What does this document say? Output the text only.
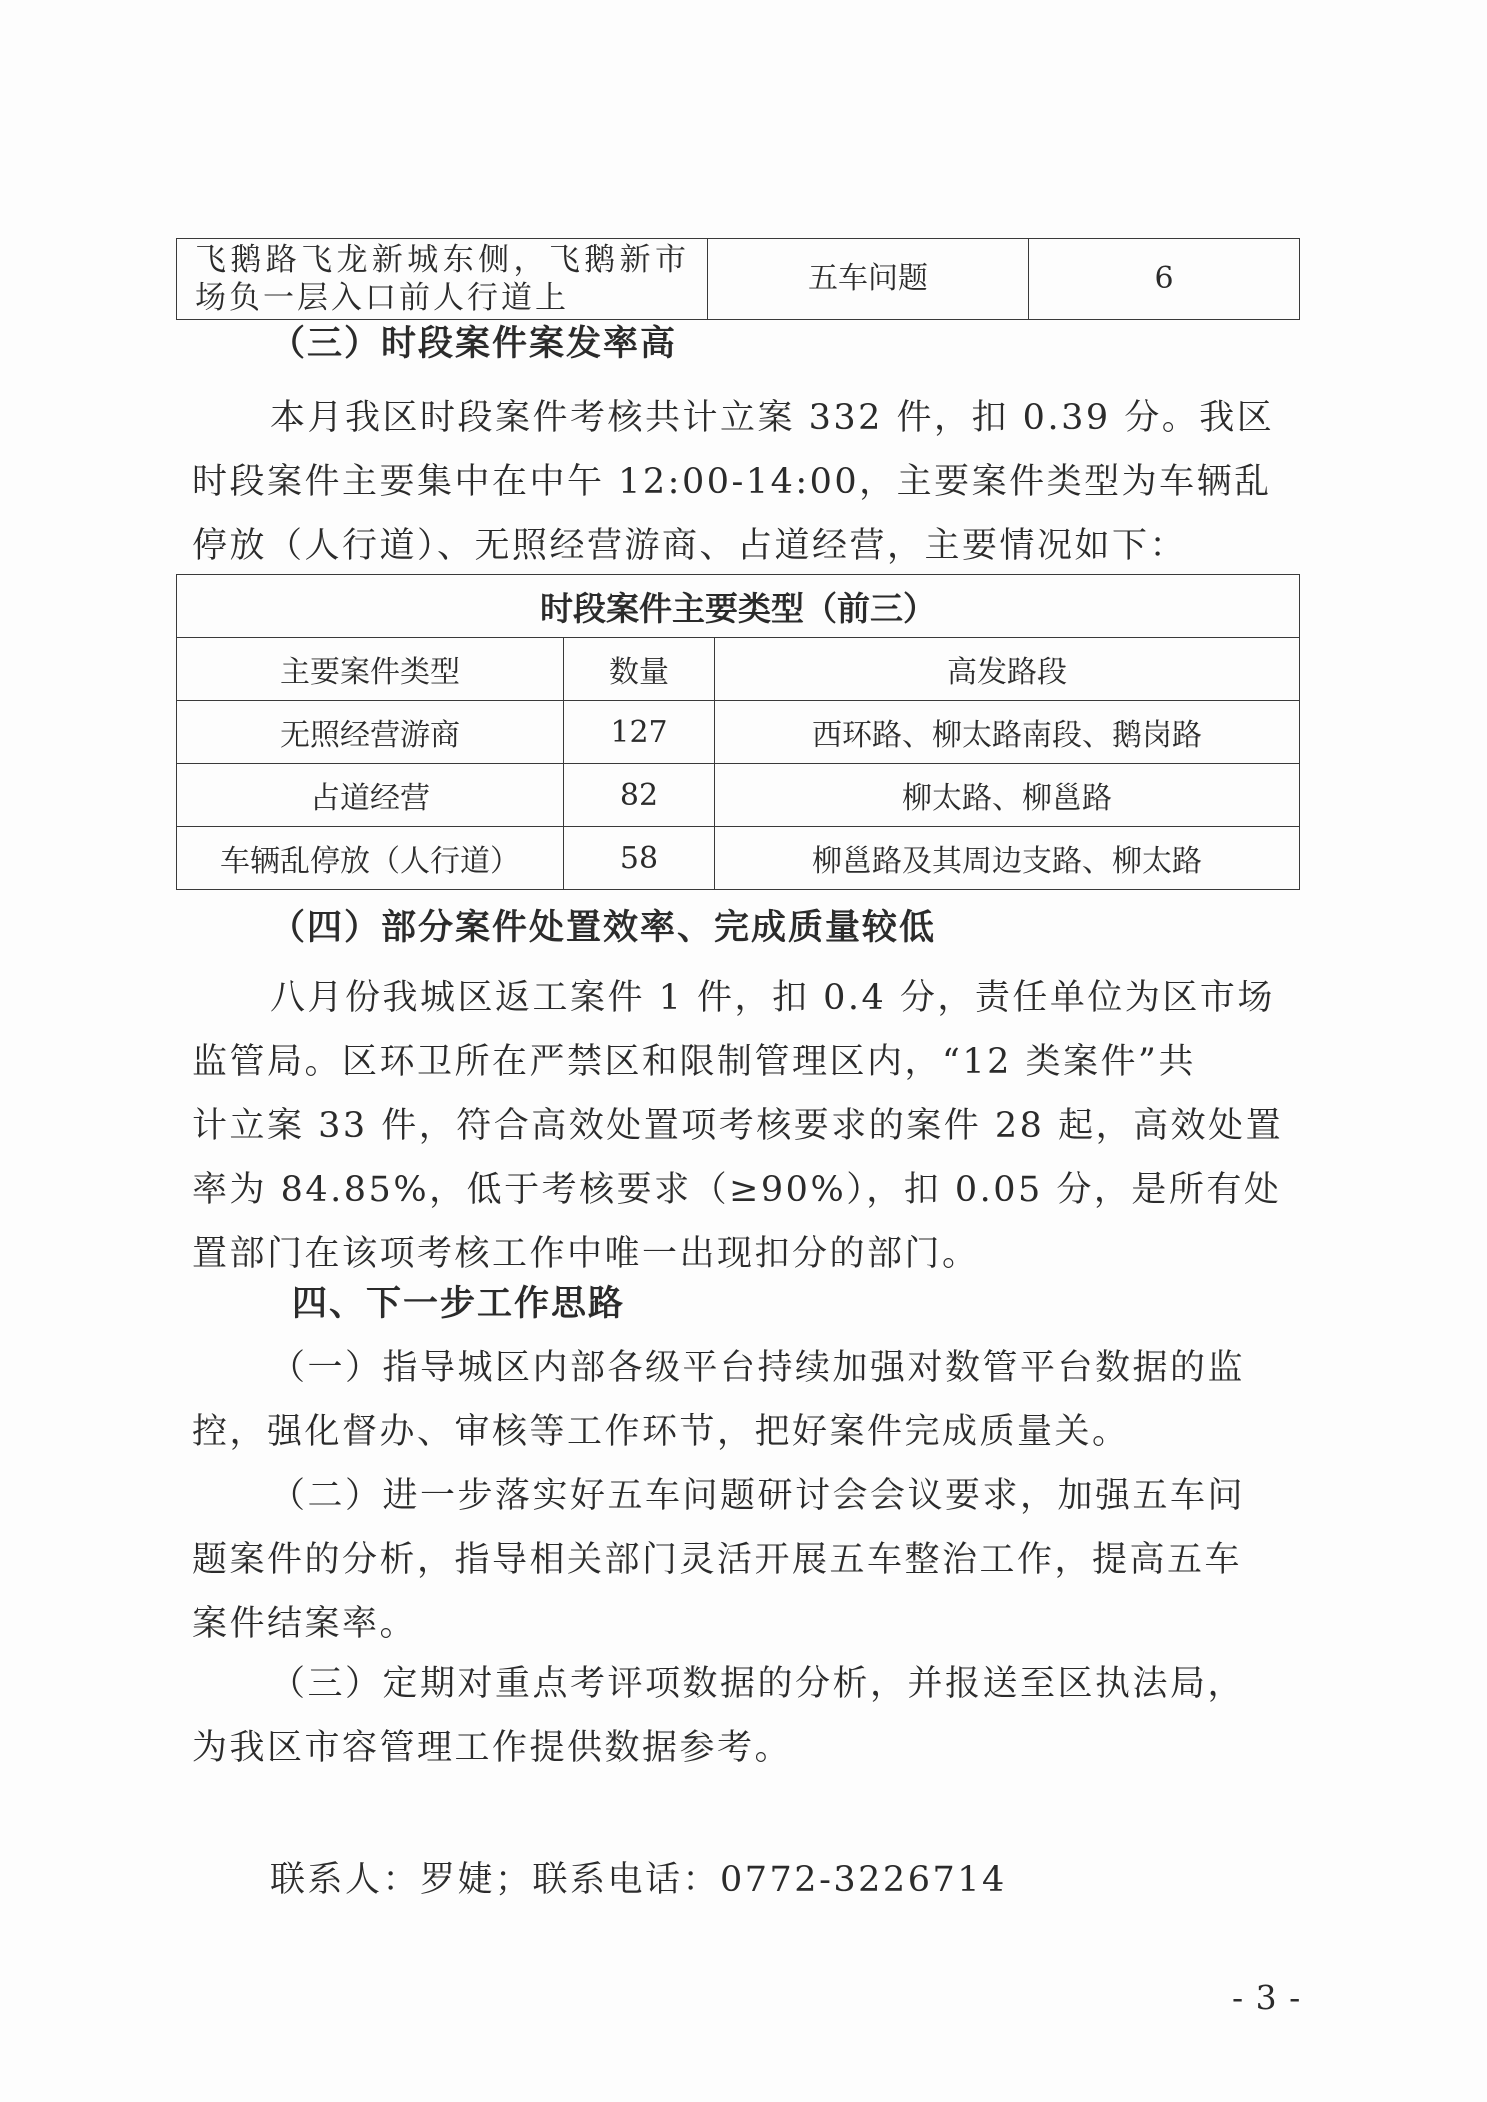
飞鹅路飞龙新城东侧，飞鹅新市场负一层入口前人行道上	五车问题	6
（三）时段案件案发率高
本月我区时段案件考核共计立案 332 件，扣 0.39 分。我区
时段案件主要集中在中午 12:00-14:00，主要案件类型为车辆乱
停放（人行道）、无照经营游商、占道经营，主要情况如下：
时段案件主要类型（前三）		
主要案件类型	数量	高发路段
无照经营游商	127	西环路、柳太路南段、鹅岗路
占道经营	82	柳太路、柳邕路
车辆乱停放（人行道）	58	柳邕路及其周边支路、柳太路
（四）部分案件处置效率、完成质量较低
八月份我城区返工案件 1 件，扣 0.4 分，责任单位为区市场
监管局。区环卫所在严禁区和限制管理区内，“12 类案件”共
计立案 33 件，符合高效处置项考核要求的案件 28 起，高效处置
率为 84.85%，低于考核要求（≥90%），扣 0.05 分，是所有处
置部门在该项考核工作中唯一出现扣分的部门。
四、下一步工作思路
（一）指导城区内部各级平台持续加强对数管平台数据的监
控，强化督办、审核等工作环节，把好案件完成质量关。
（二）进一步落实好五车问题研讨会会议要求，加强五车问
题案件的分析，指导相关部门灵活开展五车整治工作，提高五车
案件结案率。
（三）定期对重点考评项数据的分析，并报送至区执法局，
为我区市容管理工作提供数据参考。
联系人：罗婕；联系电话：0772-3226714
- 3 -
